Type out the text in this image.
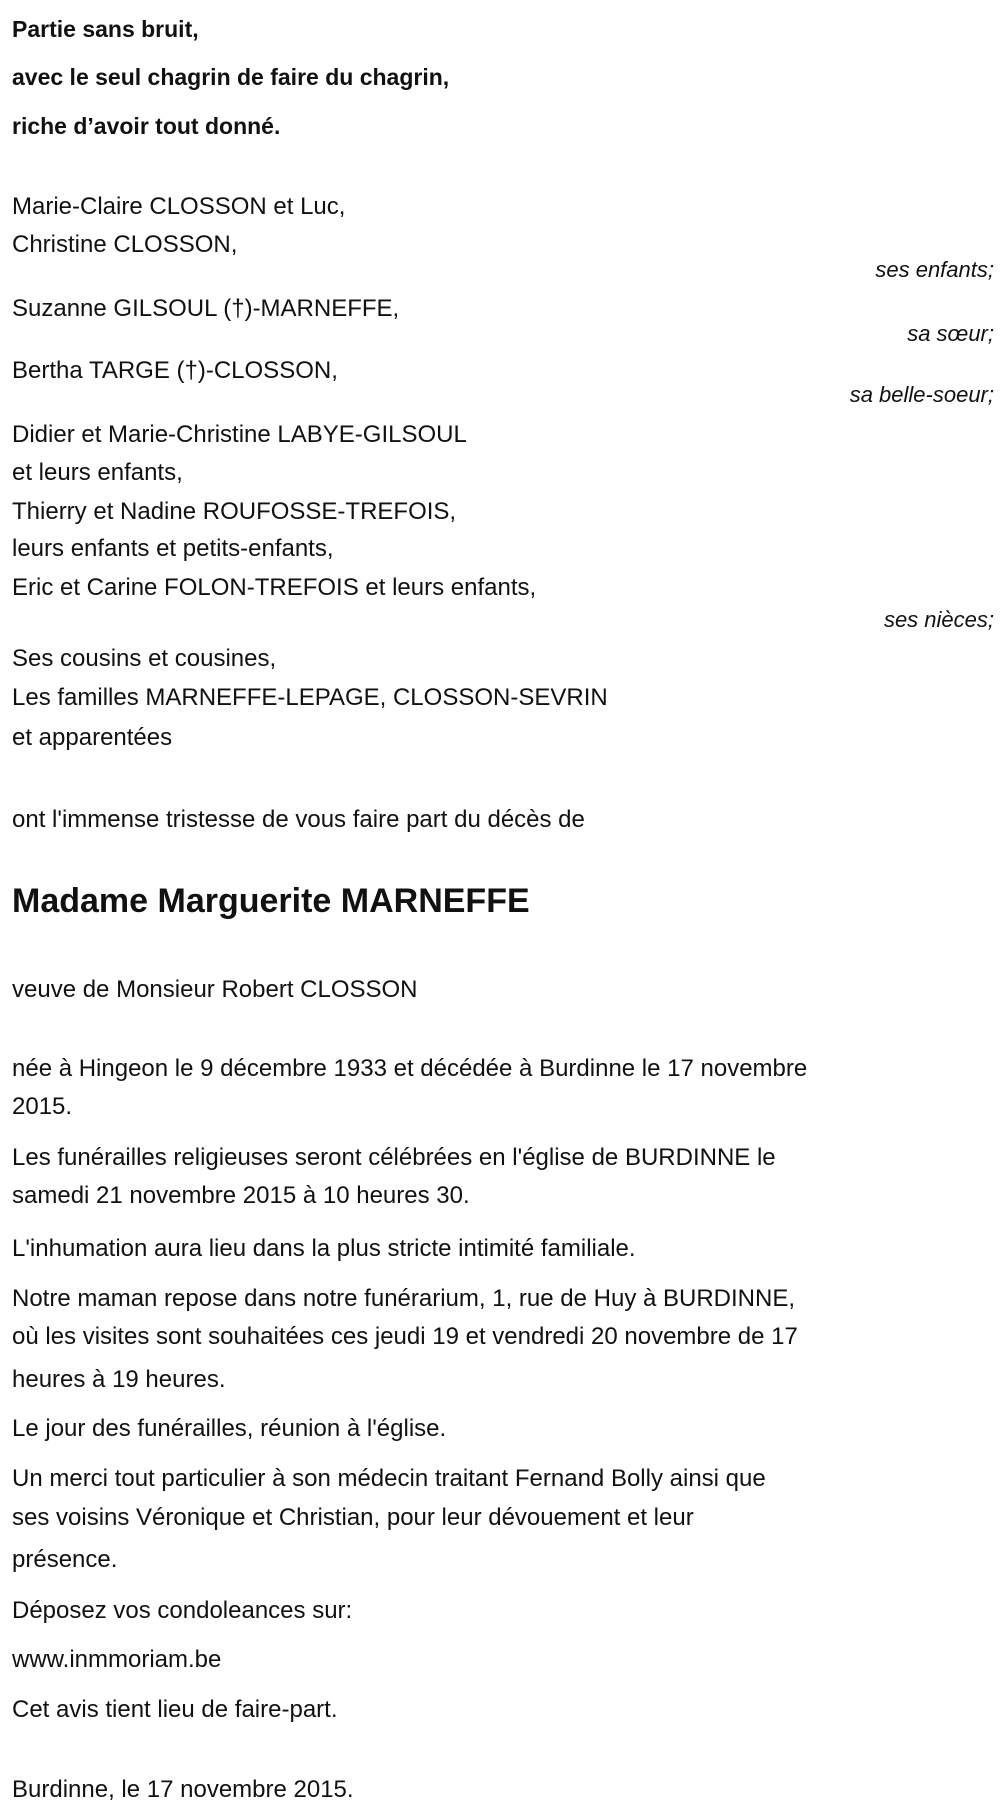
Partie sans bruit,
avec le seul chagrin de faire du chagrin,
riche d’avoir tout donné.
Marie-Claire CLOSSON et Luc,
Christine CLOSSON,
ses enfants;
Suzanne GILSOUL (†)-MARNEFFE,
sa sœur;
Bertha TARGE (†)-CLOSSON,
sa belle-soeur;
Didier et Marie-Christine LABYE-GILSOUL
et leurs enfants,
Thierry et Nadine ROUFOSSE-TREFOIS,
leurs enfants et petits-enfants,
Eric et Carine FOLON-TREFOIS et leurs enfants,
ses nièces;
Ses cousins et cousines,
Les familles MARNEFFE-LEPAGE, CLOSSON-SEVRIN
et apparentées
ont l'immense tristesse de vous faire part du décès de
Madame Marguerite MARNEFFE
veuve de Monsieur Robert CLOSSON
née à Hingeon le 9 décembre 1933 et décédée à Burdinne le 17 novembre
2015.
Les funérailles religieuses seront célébrées en l'église de BURDINNE le
samedi 21 novembre 2015 à 10 heures 30.
L'inhumation aura lieu dans la plus stricte intimité familiale.
Notre maman repose dans notre funérarium, 1, rue de Huy à BURDINNE,
où les visites sont souhaitées ces jeudi 19 et vendredi 20 novembre de 17
heures à 19 heures.
Le jour des funérailles, réunion à l'église.
Un merci tout particulier à son médecin traitant Fernand Bolly ainsi que
ses voisins Véronique et Christian, pour leur dévouement et leur
présence.
Déposez vos condoleances sur:
www.inmmoriam.be
Cet avis tient lieu de faire-part.
Burdinne, le 17 novembre 2015.
